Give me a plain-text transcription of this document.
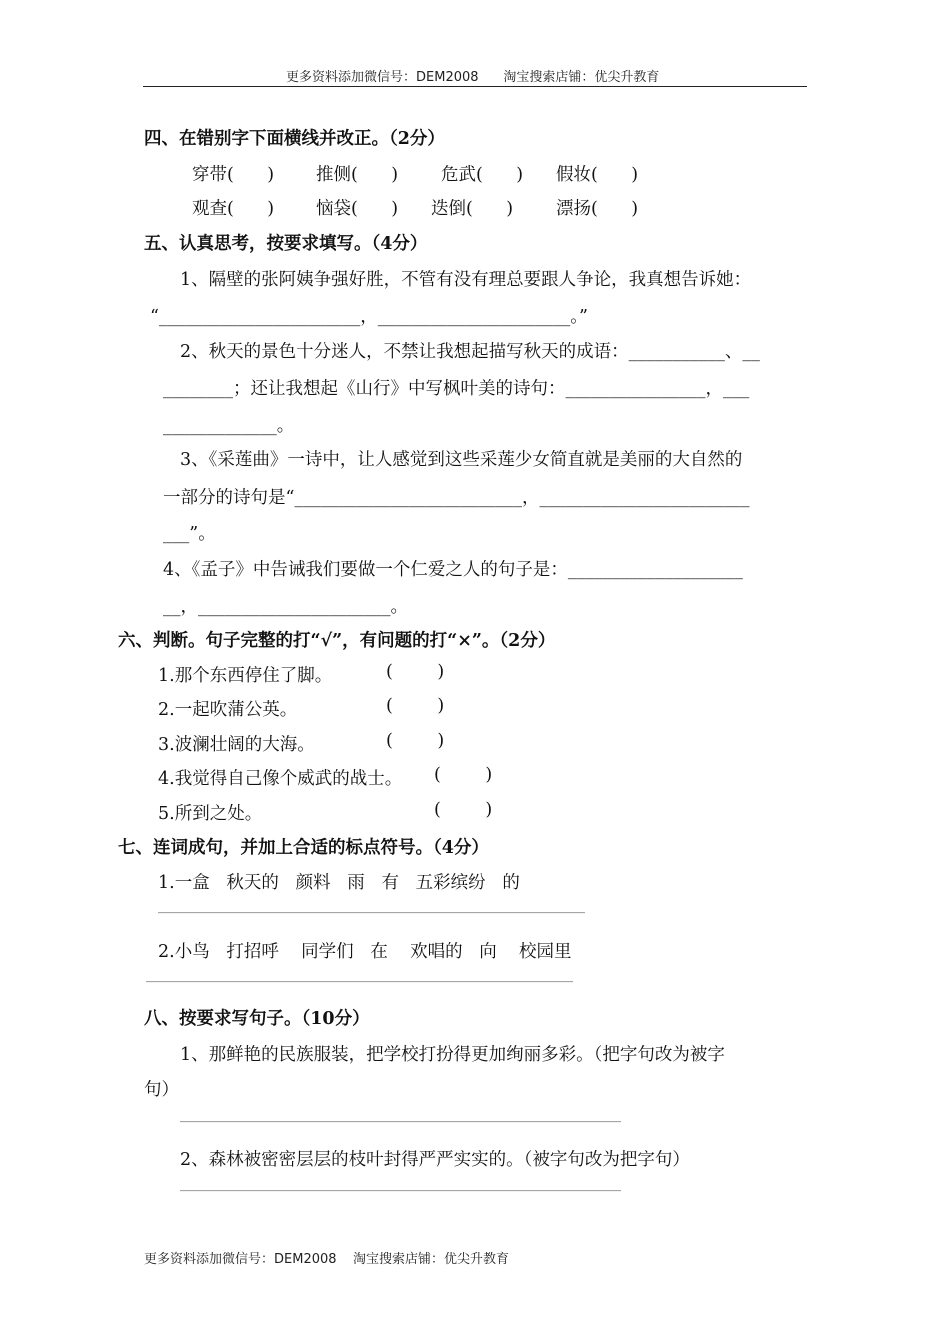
更多资料添加微信号：DEM2008      淘宝搜索店铺：优尖升教育
四、在错别字下面横线并改正。（2分）
穿带(      ) 推侧(      ) 危武(      ) 假妆(      )
观查(      ) 恼袋(      ) 迭倒(      ) 漂扬(      )
五、认真思考，按要求填写。（4分）
1、隔壁的张阿姨争强好胜，不管有没有理总要跟人争论，我真想告诉她：
“_______________________，______________________。”
2、秋天的景色十分迷人，不禁让我想起描写秋天的成语：___________、__
________；还让我想起《山行》中写枫叶美的诗句：________________，___
_____________。
3、《采莲曲》一诗中，让人感觉到这些采莲少女简直就是美丽的大自然的
一部分的诗句是“__________________________，________________________
___”。
4、《孟子》中告诫我们要做一个仁爱之人的句子是：____________________
__，______________________。
六、判断。句子完整的打“√”，有问题的打“×”。（2分）
1.那个东西停住了脚。	(        )
2.一起吹蒲公英。	(        )
3.波澜壮阔的大海。	(        )
4.我觉得自己像个威武的战士。 (        )
5.所到之处。	(        )
七、连词成句，并加上合适的标点符号。（4分）
1.一盒   秋天的   颜料   雨   有   五彩缤纷   的
_____________________________________________________________
2.小鸟   打招呼    同学们   在    欢唱的   向    校园里
_____________________________________________________________
八、按要求写句子。（10分）
1、那鲜艳的民族服装，把学校打扮得更加绚丽多彩。（把字句改为被字
句）
_______________________________________________________________
2、森林被密密层层的枝叶封得严严实实的。（被字句改为把字句）
_______________________________________________________________
更多资料添加微信号：DEM2008    淘宝搜索店铺：优尖升教育
